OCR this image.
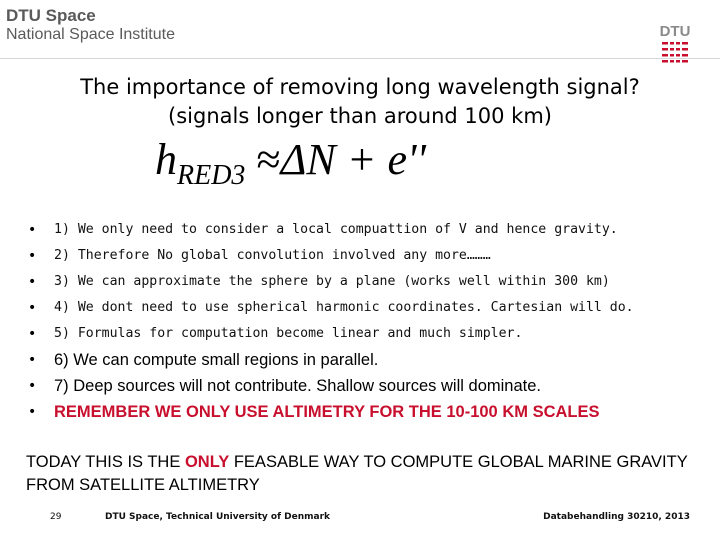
DTU Space
National Space Institute	DTU
The importance of removing long wavelength signal?
(signals longer than around 100 km)
$h_{RED3} \approx\Delta N + e''$
• 1) We only need to consider a local compuattion of V and hence gravity.
• 2) Therefore No global convolution involved any more………
• 3) We can approximate the sphere by a plane (works well within 300 km)
• 4) We dont need to use spherical harmonic coordinates. Cartesian will do.
• 5) Formulas for computation become linear and much simpler.
• 6) We can compute small regions in parallel.
• 7) Deep sources will not contribute. Shallow sources will dominate.
• REMEMBER WE ONLY USE ALTIMETRY FOR THE 10-100 KM SCALES
TODAY THIS IS THE ONLY FEASABLE WAY TO COMPUTE GLOBAL MARINE GRAVITY FROM SATELLITE ALTIMETRY
29	DTU Space, Technical University of Denmark	Databehandling 30210, 2013
